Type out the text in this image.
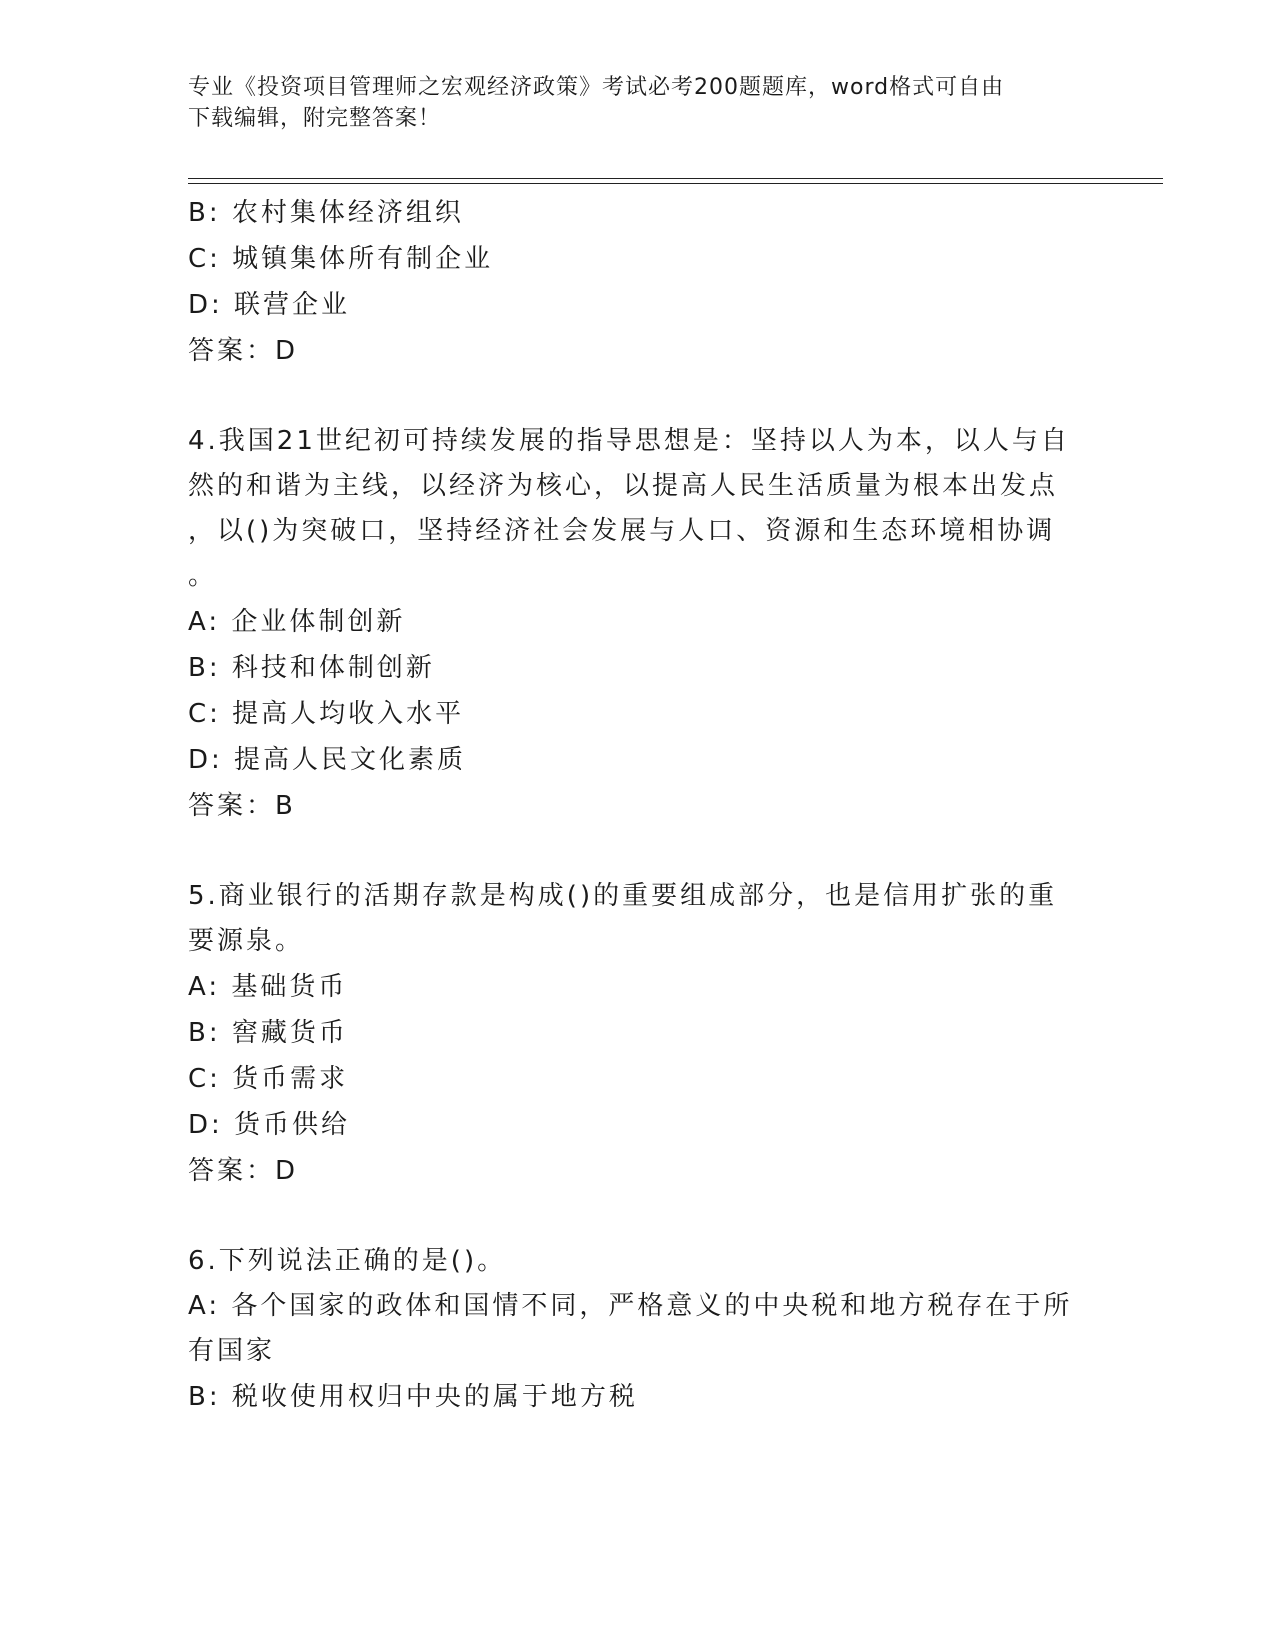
专业《投资项目管理师之宏观经济政策》考试必考200题题库，word格式可自由
下载编辑，附完整答案！
B: 农村集体经济组织
C: 城镇集体所有制企业
D: 联营企业
答案：D
4.我国21世纪初可持续发展的指导思想是：坚持以人为本，以人与自
然的和谐为主线，以经济为核心，以提高人民生活质量为根本出发点
，以()为突破口，坚持经济社会发展与人口、资源和生态环境相协调
。
A: 企业体制创新
B: 科技和体制创新
C: 提高人均收入水平
D: 提高人民文化素质
答案：B
5.商业银行的活期存款是构成()的重要组成部分，也是信用扩张的重
要源泉。
A: 基础货币
B: 窖藏货币
C: 货币需求
D: 货币供给
答案：D
6.下列说法正确的是()。
A: 各个国家的政体和国情不同，严格意义的中央税和地方税存在于所
有国家
B: 税收使用权归中央的属于地方税
